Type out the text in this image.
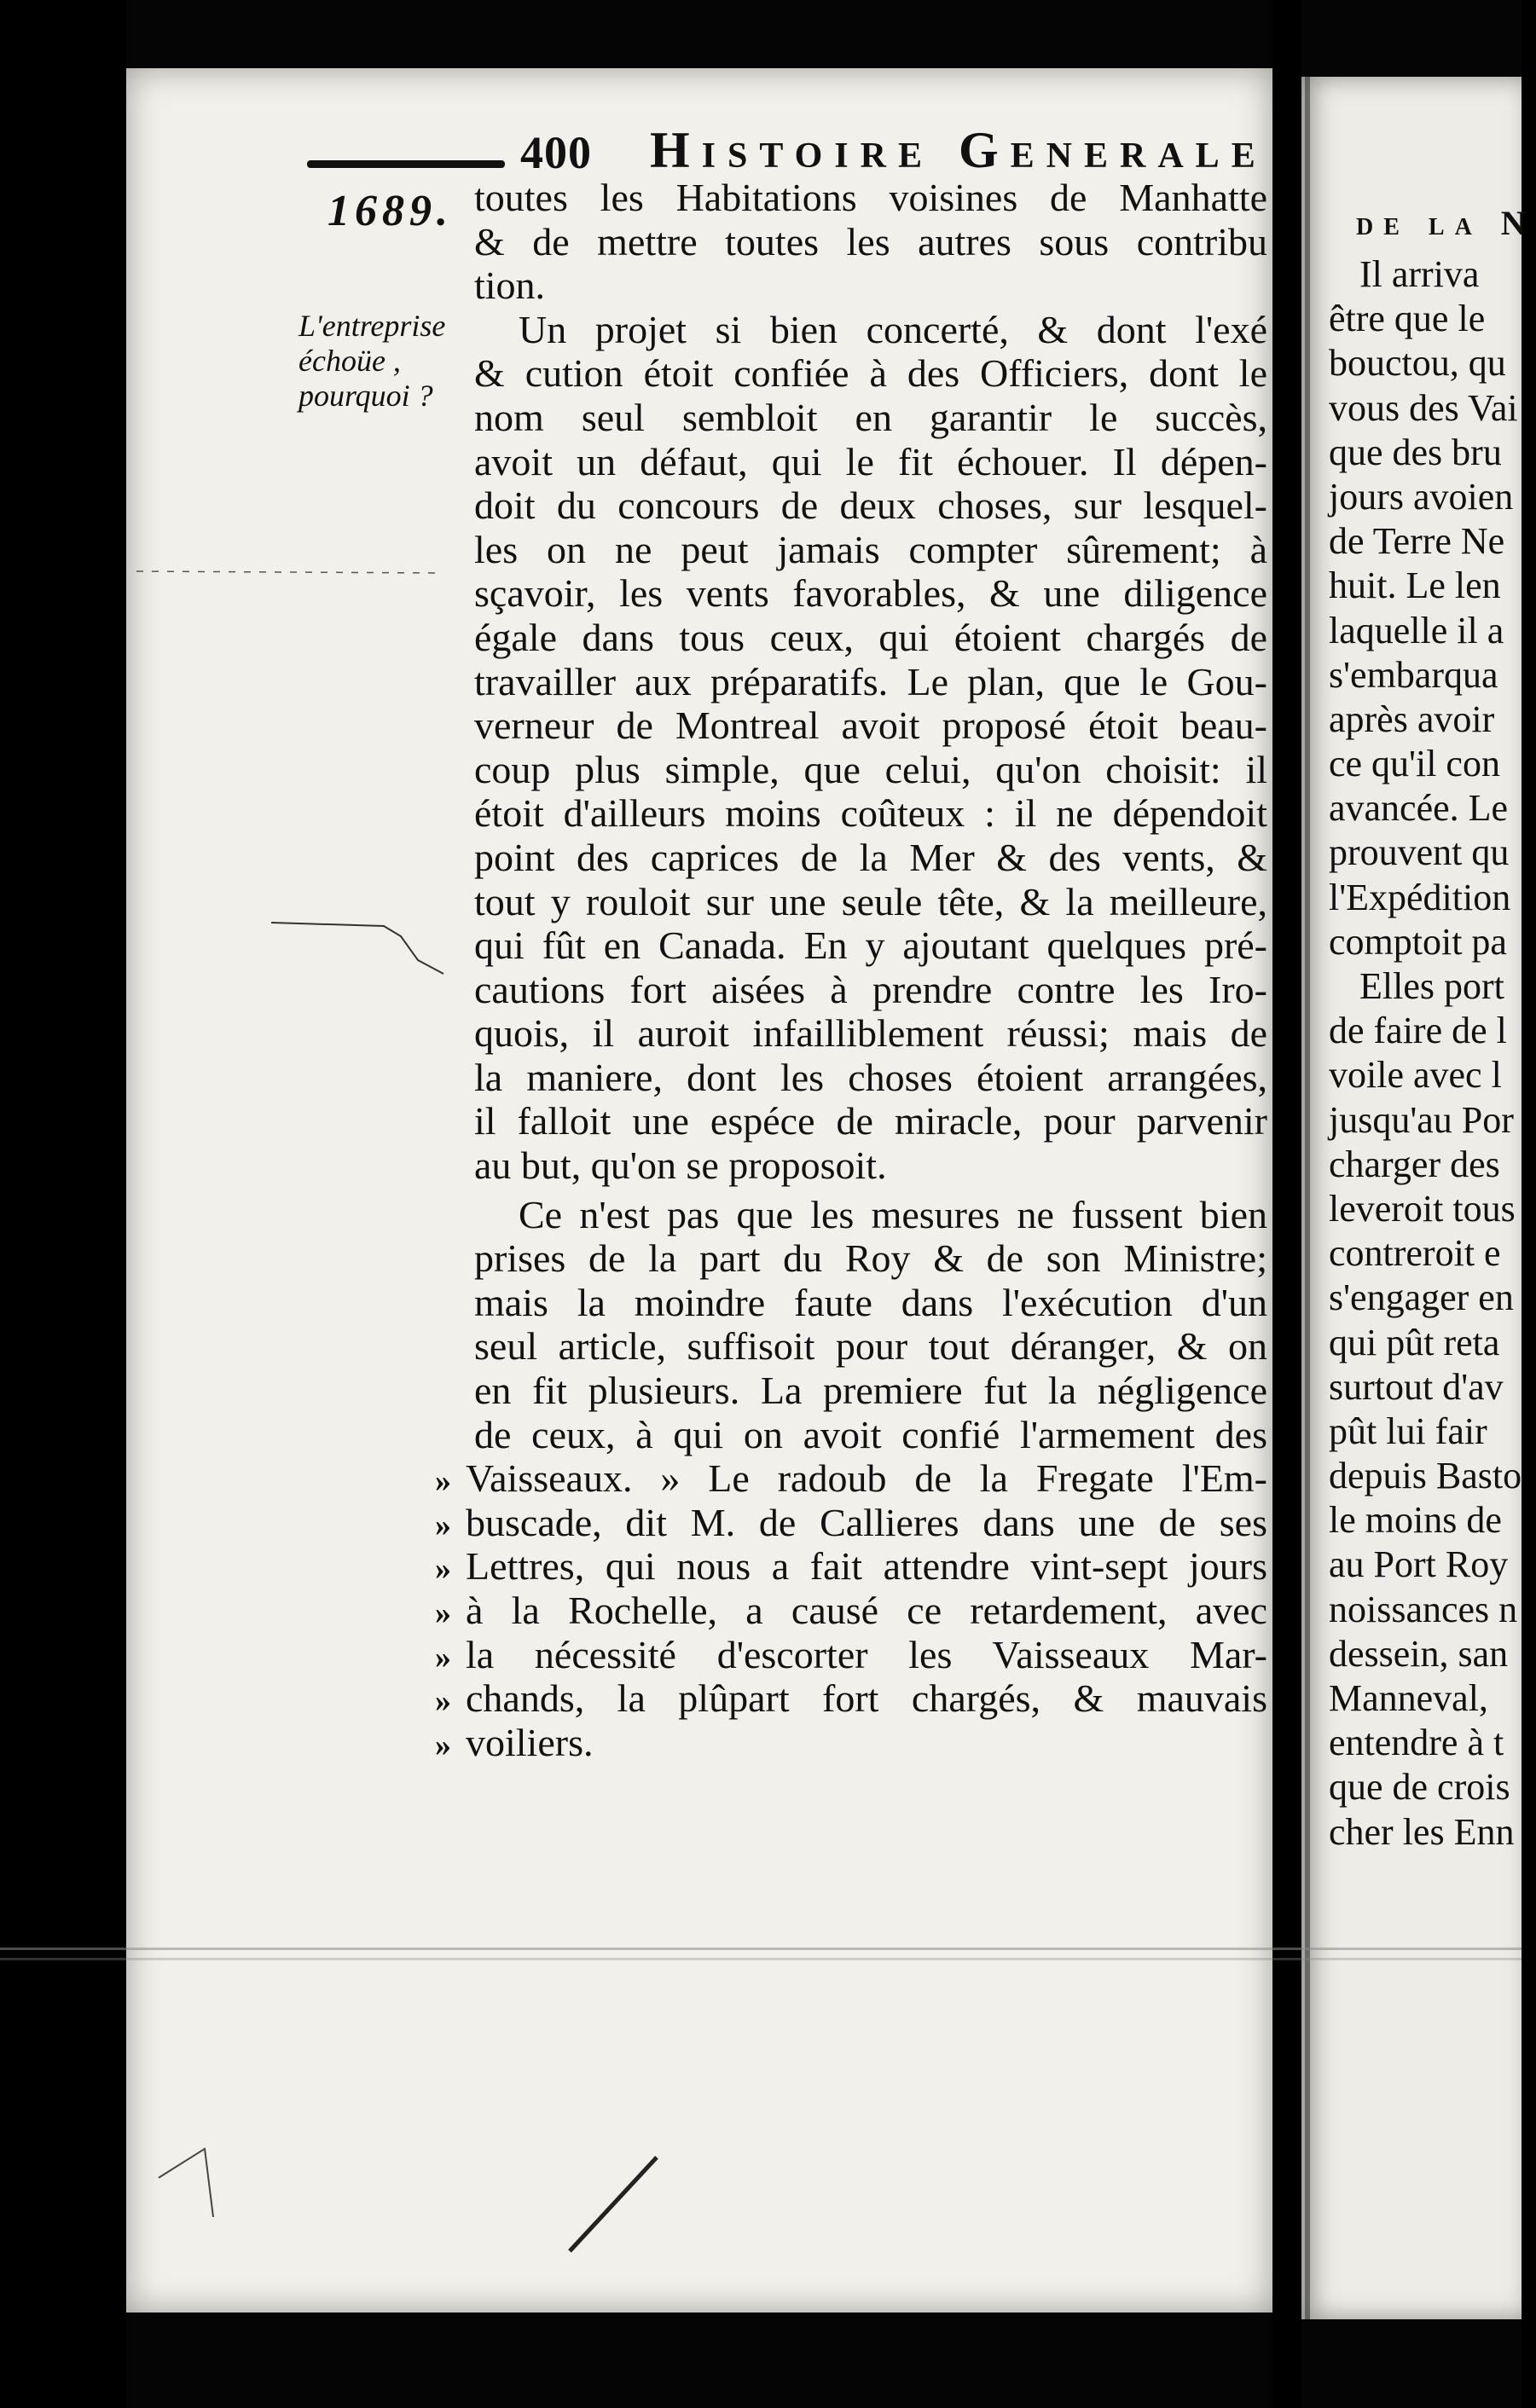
400 Histoire Generale
1689.
L'entreprise
échoüe ,
pourquoi ?
toutes les Habitations voisines de Manhatte
& de mettre toutes les autres sous contribu
tion.
Un projet si bien concerté, & dont l'exé
& cution étoit confiée à des Officiers, dont le
nom seul sembloit en garantir le succès,
avoit un défaut, qui le fit échouer. Il dépen-
doit du concours de deux choses, sur lesquel-
les on ne peut jamais compter sûrement; à
sçavoir, les vents favorables, & une diligence
égale dans tous ceux, qui étoient chargés de
travailler aux préparatifs. Le plan, que le Gou-
verneur de Montreal avoit proposé étoit beau-
coup plus simple, que celui, qu'on choisit: il
étoit d'ailleurs moins coûteux : il ne dépendoit
point des caprices de la Mer & des vents, &
tout y rouloit sur une seule tête, & la meilleure,
qui fût en Canada. En y ajoutant quelques pré-
cautions fort aisées à prendre contre les Iro-
quois, il auroit infailliblement réussi; mais de
la maniere, dont les choses étoient arrangées,
il falloit une espéce de miracle, pour parvenir
au but, qu'on se proposoit.
Ce n'est pas que les mesures ne fussent bien
prises de la part du Roy & de son Ministre;
mais la moindre faute dans l'exécution d'un
seul article, suffisoit pour tout déranger, & on
en fit plusieurs. La premiere fut la négligence
de ceux, à qui on avoit confié l'armement des
» Vaisseaux. » Le radoub de la Fregate l'Em-
» buscade, dit M. de Callieres dans une de ses
» Lettres, qui nous a fait attendre vint-sept jours
» à la Rochelle, a causé ce retardement, avec
» la nécessité d'escorter les Vaisseaux Mar-
» chands, la plûpart fort chargés, & mauvais
» voiliers.
de la N
Il arriva
être que le
bouctou, qu
vous des Vai
que des bru
jours avoien
de Terre Ne
huit. Le len
laquelle il a
s'embarqua
après avoir
ce qu'il con
avancée. Le
prouvent qu
l'Expédition
comptoit pa
Elles port
de faire de l
voile avec l
jusqu'au Por
charger des
leveroit tous
contreroit e
s'engager en
qui pût reta
surtout d'av
pût lui fair
depuis Basto
le moins de
au Port Roy
noissances n
dessein, san
Manneval,
entendre à t
que de crois
cher les Enn
